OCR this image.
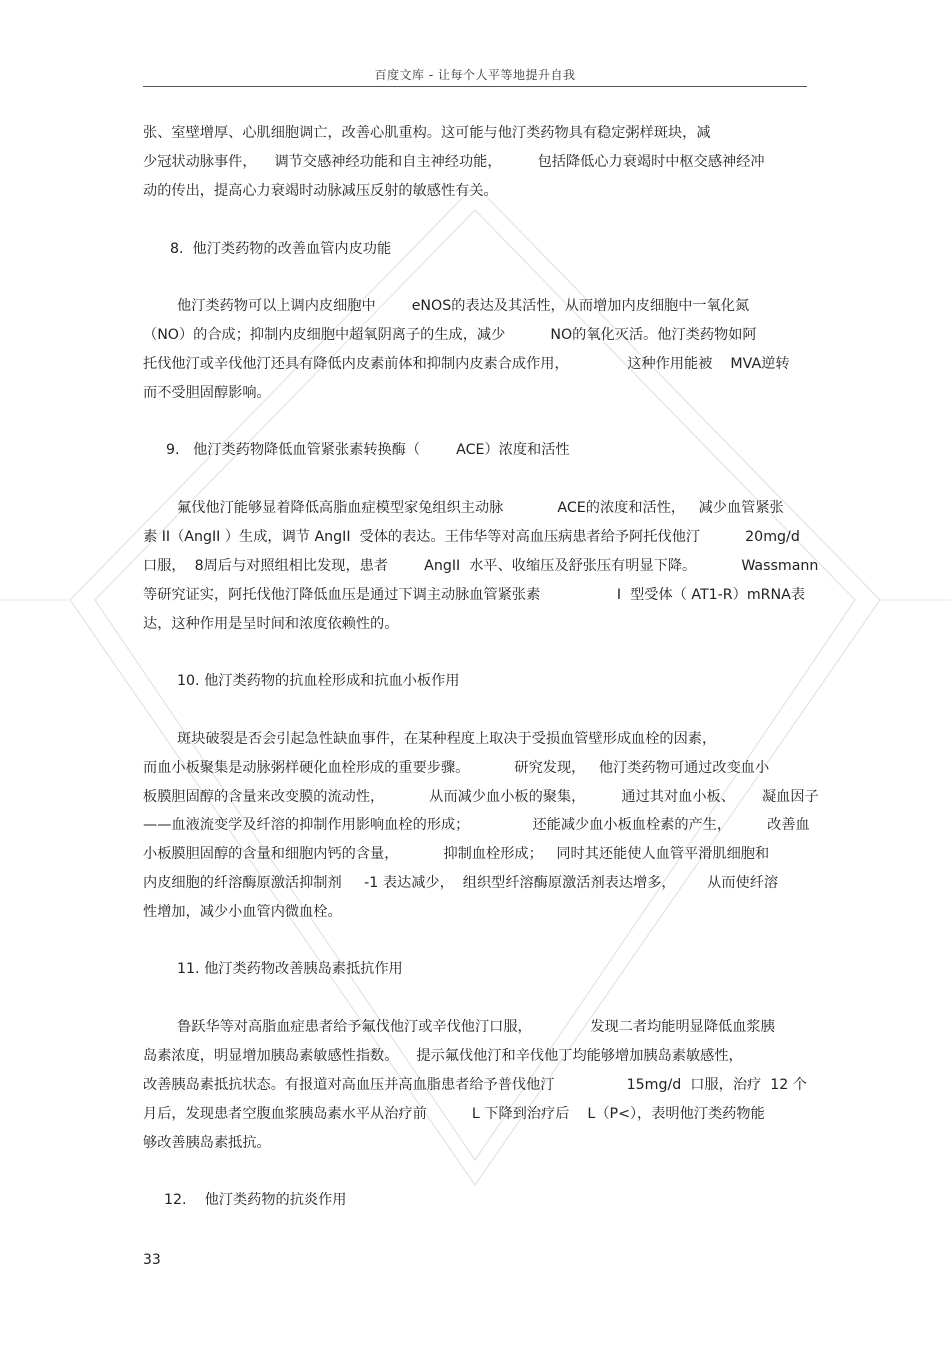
百度文库 - 让每个人平等地提升自我
张、室壁增厚、心肌细胞调亡，改善心肌重构。这可能与他汀类药物具有稳定粥样斑块，减
少冠状动脉事件，    调节交感神经功能和自主神经功能，        包括降低心力衰竭时中枢交感神经冲
动的传出，提高心力衰竭时动脉减压反射的敏感性有关。
8.  他汀类药物的改善血管内皮功能
他汀类药物可以上调内皮细胞中        eNOS的表达及其活性，从而增加内皮细胞中一氧化氮
（NO）的合成；抑制内皮细胞中超氧阴离子的生成，减少          NO的氧化灭活。他汀类药物如阿
托伐他汀或辛伐他汀还具有降低内皮素前体和抑制内皮素合成作用，             这种作用能被    MVA逆转
而不受胆固醇影响。
9.   他汀类药物降低血管紧张素转换酶（        ACE）浓度和活性
氟伐他汀能够显着降低高脂血症模型家兔组织主动脉            ACE的浓度和活性，   减少血管紧张
素 II（AngII ）生成，调节 AngII  受体的表达。王伟华等对高血压病患者给予阿托伐他汀          20mg/d
口服，  8周后与对照组相比发现，患者        AngII  水平、收缩压及舒张压有明显下降。          Wassmann
等研究证实，阿托伐他汀降低血压是通过下调主动脉血管紧张素                 I  型受体（ AT1-R）mRNA表
达，这种作用是呈时间和浓度依赖性的。
10. 他汀类药物的抗血栓形成和抗血小板作用
斑块破裂是否会引起急性缺血事件，在某种程度上取决于受损血管壁形成血栓的因素，
而血小板聚集是动脉粥样硬化血栓形成的重要步骤。          研究发现，   他汀类药物可通过改变血小
板膜胆固醇的含量来改变膜的流动性，          从而减少血小板的聚集，        通过其对血小板、      凝血因子
——血液流变学及纤溶的抑制作用影响血栓的形成；              还能减少血小板血栓素的产生，        改善血
小板膜胆固醇的含量和细胞内钙的含量，          抑制血栓形成；   同时其还能使人血管平滑肌细胞和
内皮细胞的纤溶酶原激活抑制剂     -1 表达减少，  组织型纤溶酶原激活剂表达增多，       从而使纤溶
性增加，减少小血管内微血栓。
11. 他汀类药物改善胰岛素抵抗作用
鲁跃华等对高脂血症患者给予氟伐他汀或辛伐他汀口服，             发现二者均能明显降低血浆胰
岛素浓度，明显增加胰岛素敏感性指数。    提示氟伐他汀和辛伐他丁均能够增加胰岛素敏感性，
改善胰岛素抵抗状态。有报道对高血压并高血脂患者给予普伐他汀                15mg/d  口服，治疗  12 个
月后，发现患者空腹血浆胰岛素水平从治疗前          L 下降到治疗后    L（P<），表明他汀类药物能
够改善胰岛素抵抗。
12.    他汀类药物的抗炎作用
33
